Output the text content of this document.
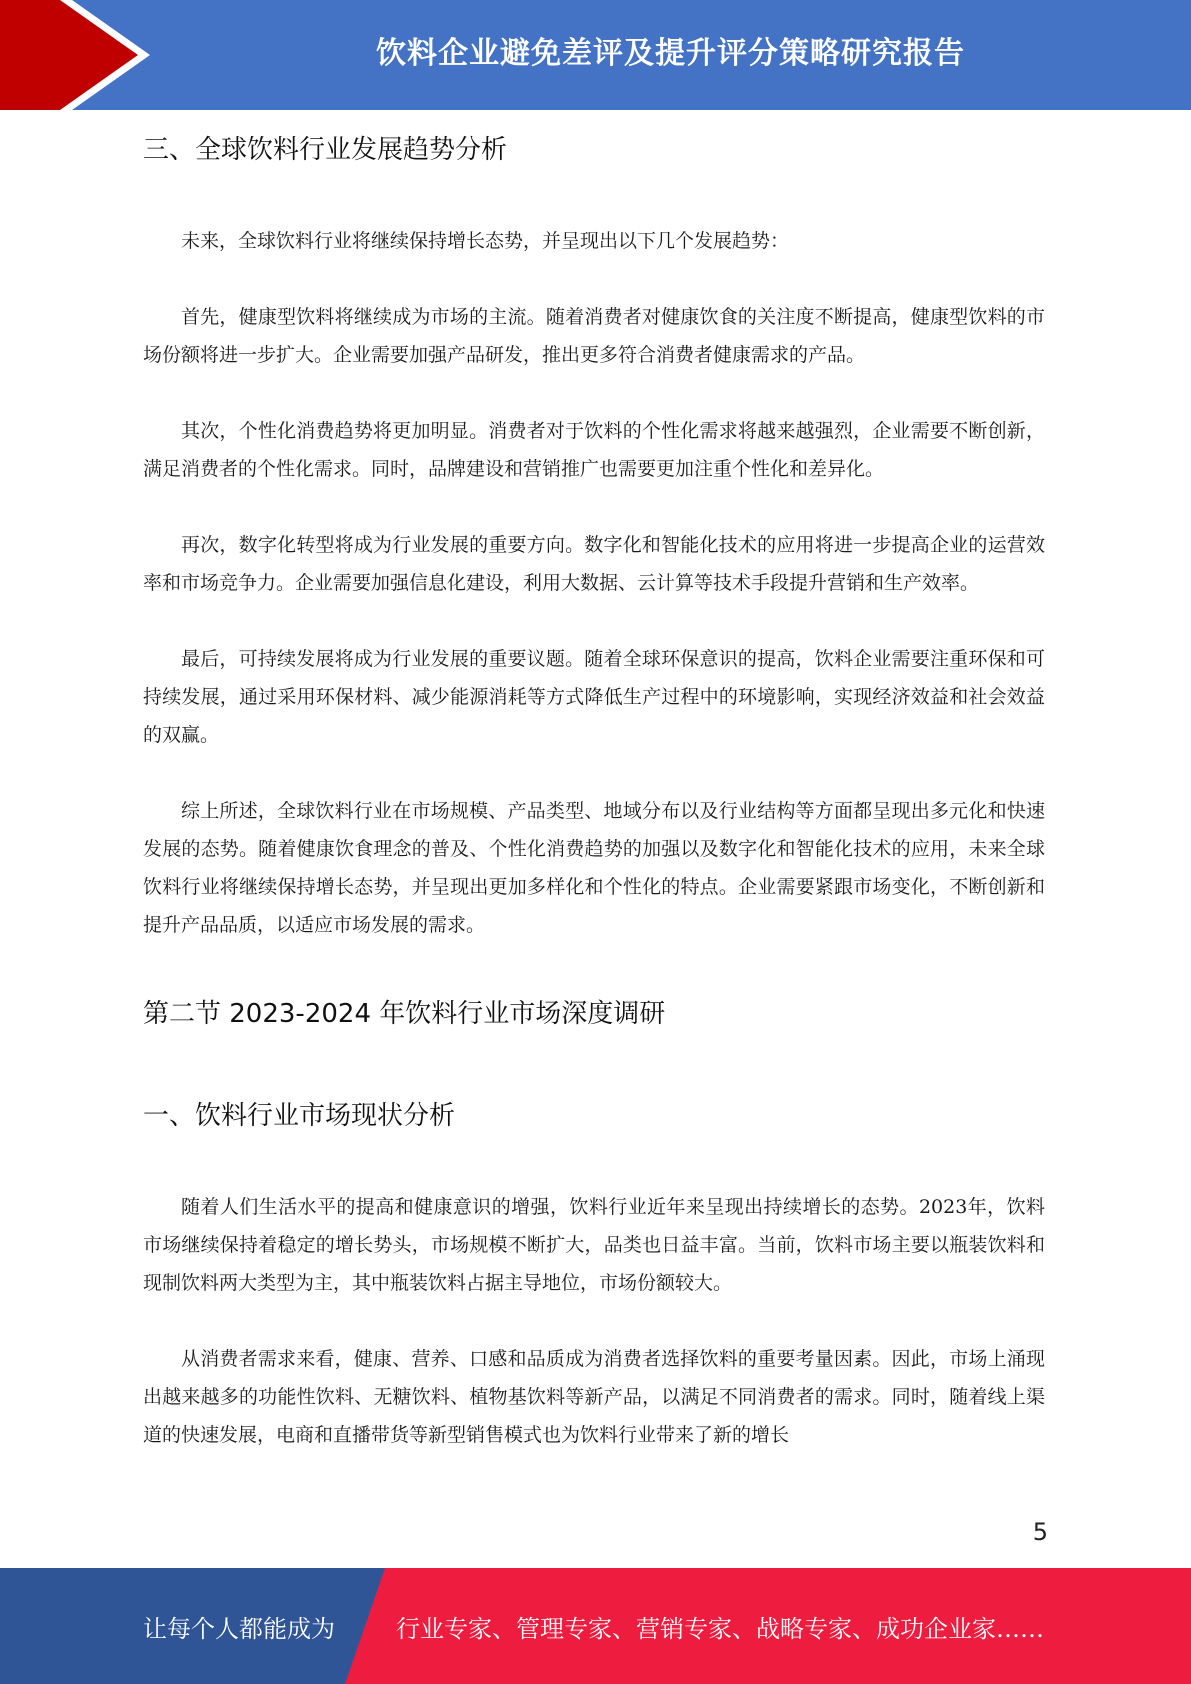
饮料企业避免差评及提升评分策略研究报告
三、全球饮料行业发展趋势分析

未来，全球饮料行业将继续保持增长态势，并呈现出以下几个发展趋势：

首先，健康型饮料将继续成为市场的主流。随着消费者对健康饮食的关注度不断提高，健康型饮料的市场份额将进一步扩大。企业需要加强产品研发，推出更多符合消费者健康需求的产品。

其次，个性化消费趋势将更加明显。消费者对于饮料的个性化需求将越来越强烈，企业需要不断创新，满足消费者的个性化需求。同时，品牌建设和营销推广也需要更加注重个性化和差异化。

再次，数字化转型将成为行业发展的重要方向。数字化和智能化技术的应用将进一步提高企业的运营效率和市场竞争力。企业需要加强信息化建设，利用大数据、云计算等技术手段提升营销和生产效率。

最后，可持续发展将成为行业发展的重要议题。随着全球环保意识的提高，饮料企业需要注重环保和可持续发展，通过采用环保材料、减少能源消耗等方式降低生产过程中的环境影响，实现经济效益和社会效益的双赢。

综上所述，全球饮料行业在市场规模、产品类型、地域分布以及行业结构等方面都呈现出多元化和快速发展的态势。随着健康饮食理念的普及、个性化消费趋势的加强以及数字化和智能化技术的应用，未来全球饮料行业将继续保持增长态势，并呈现出更加多样化和个性化的特点。企业需要紧跟市场变化，不断创新和提升产品品质，以适应市场发展的需求。

第二节 2023-2024 年饮料行业市场深度调研
一、饮料行业市场现状分析

随着人们生活水平的提高和健康意识的增强，饮料行业近年来呈现出持续增长的态势。2023年，饮料市场继续保持着稳定的增长势头，市场规模不断扩大，品类也日益丰富。当前，饮料市场主要以瓶装饮料和现制饮料两大类型为主，其中瓶装饮料占据主导地位，市场份额较大。

从消费者需求来看，健康、营养、口感和品质成为消费者选择饮料的重要考量因素。因此，市场上涌现出越来越多的功能性饮料、无糖饮料、植物基饮料等新产品，以满足不同消费者的需求。同时，随着线上渠道的快速发展，电商和直播带货等新型销售模式也为饮料行业带来了新的增长

5
让每个人都能成为	行业专家、管理专家、营销专家、战略专家、成功企业家……
